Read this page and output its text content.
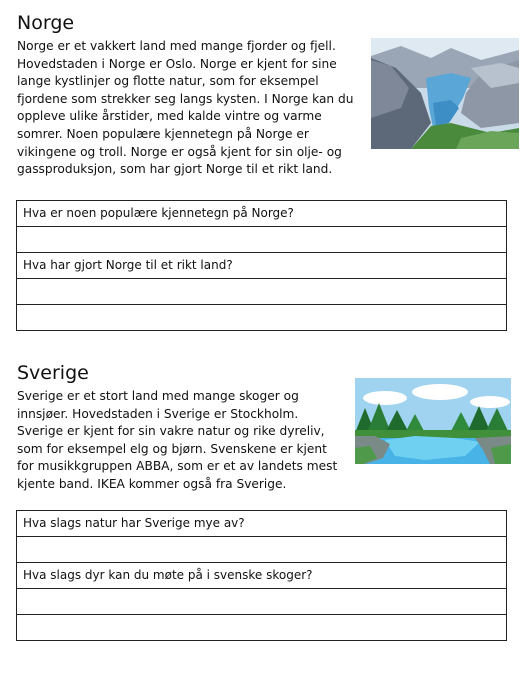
Norge

Norge er et vakkert land med mange fjorder og fjell. Hovedstaden i Norge er Oslo. Norge er kjent for sine lange kystlinjer og flotte natur, som for eksempel fjordene som strekker seg langs kysten. I Norge kan du oppleve ulike årstider, med kalde vintre og varme somrer. Noen populære kjennetegn på Norge er vikingene og troll. Norge er også kjent for sin olje- og gassproduksjon, som har gjort Norge til et rikt land.

Hva er noen populære kjennetegn på Norge?
Hva har gjort Norge til et rikt land?
Sverige

Sverige er et stort land med mange skoger og innsjøer. Hovedstaden i Sverige er Stockholm. Sverige er kjent for sin vakre natur og rike dyreliv, som for eksempel elg og bjørn. Svenskene er kjent for musikkgruppen ABBA, som er et av landets mest kjente band. IKEA kommer også fra Sverige.

Hva slags natur har Sverige mye av?
Hva slags dyr kan du møte på i svenske skoger?
